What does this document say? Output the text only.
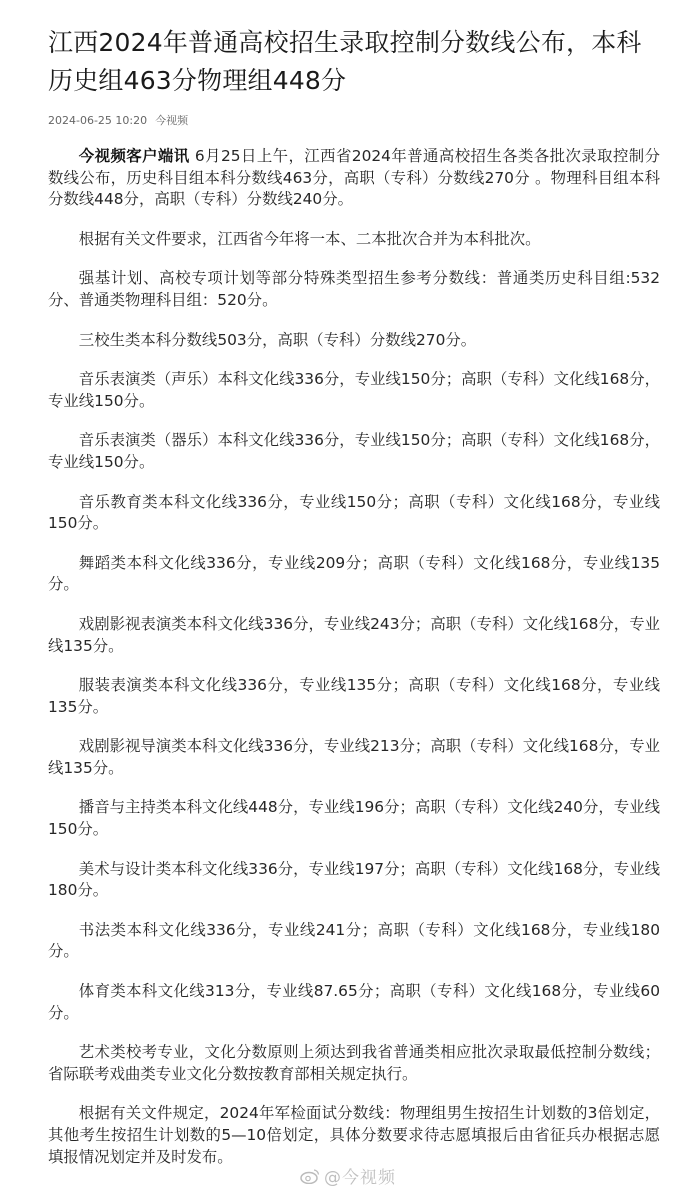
江西2024年普通高校招生录取控制分数线公布，本科历史组463分物理组448分
2024-06-25 10:20 今视频

今视频客户端讯 6月25日上午，江西省2024年普通高校招生各类各批次录取控制分数线公布，历史科目组本科分数线463分，高职（专科）分数线270分 。物理科目组本科分数线448分，高职（专科）分数线240分。

根据有关文件要求，江西省今年将一本、二本批次合并为本科批次。

强基计划、高校专项计划等部分特殊类型招生参考分数线：普通类历史科目组:532 分、普通类物理科目组：520分。

三校生类本科分数线503分，高职（专科）分数线270分。

音乐表演类（声乐）本科文化线336分，专业线150分；高职（专科）文化线168分，专业线150分。

音乐表演类（器乐）本科文化线336分，专业线150分；高职（专科）文化线168分，专业线150分。

音乐教育类本科文化线336分，专业线150分；高职（专科）文化线168分，专业线150分。

舞蹈类本科文化线336分，专业线209分；高职（专科）文化线168分，专业线135分。

戏剧影视表演类本科文化线336分，专业线243分；高职（专科）文化线168分，专业线135分。

服装表演类本科文化线336分，专业线135分；高职（专科）文化线168分，专业线135分。

戏剧影视导演类本科文化线336分，专业线213分；高职（专科）文化线168分，专业线135分。

播音与主持类本科文化线448分，专业线196分；高职（专科）文化线240分，专业线150分。

美术与设计类本科文化线336分，专业线197分；高职（专科）文化线168分，专业线180分。

书法类本科文化线336分，专业线241分；高职（专科）文化线168分，专业线180分。

体育类本科文化线313分，专业线87.65分；高职（专科）文化线168分，专业线60分。

艺术类校考专业，文化分数原则上须达到我省普通类相应批次录取最低控制分数线；省际联考戏曲类专业文化分数按教育部相关规定执行。

根据有关文件规定，2024年军检面试分数线：物理组男生按招生计划数的3倍划定，其他考生按招生计划数的5—10倍划定，具体分数要求待志愿填报后由省征兵办根据志愿填报情况划定并及时发布。

@今视频
